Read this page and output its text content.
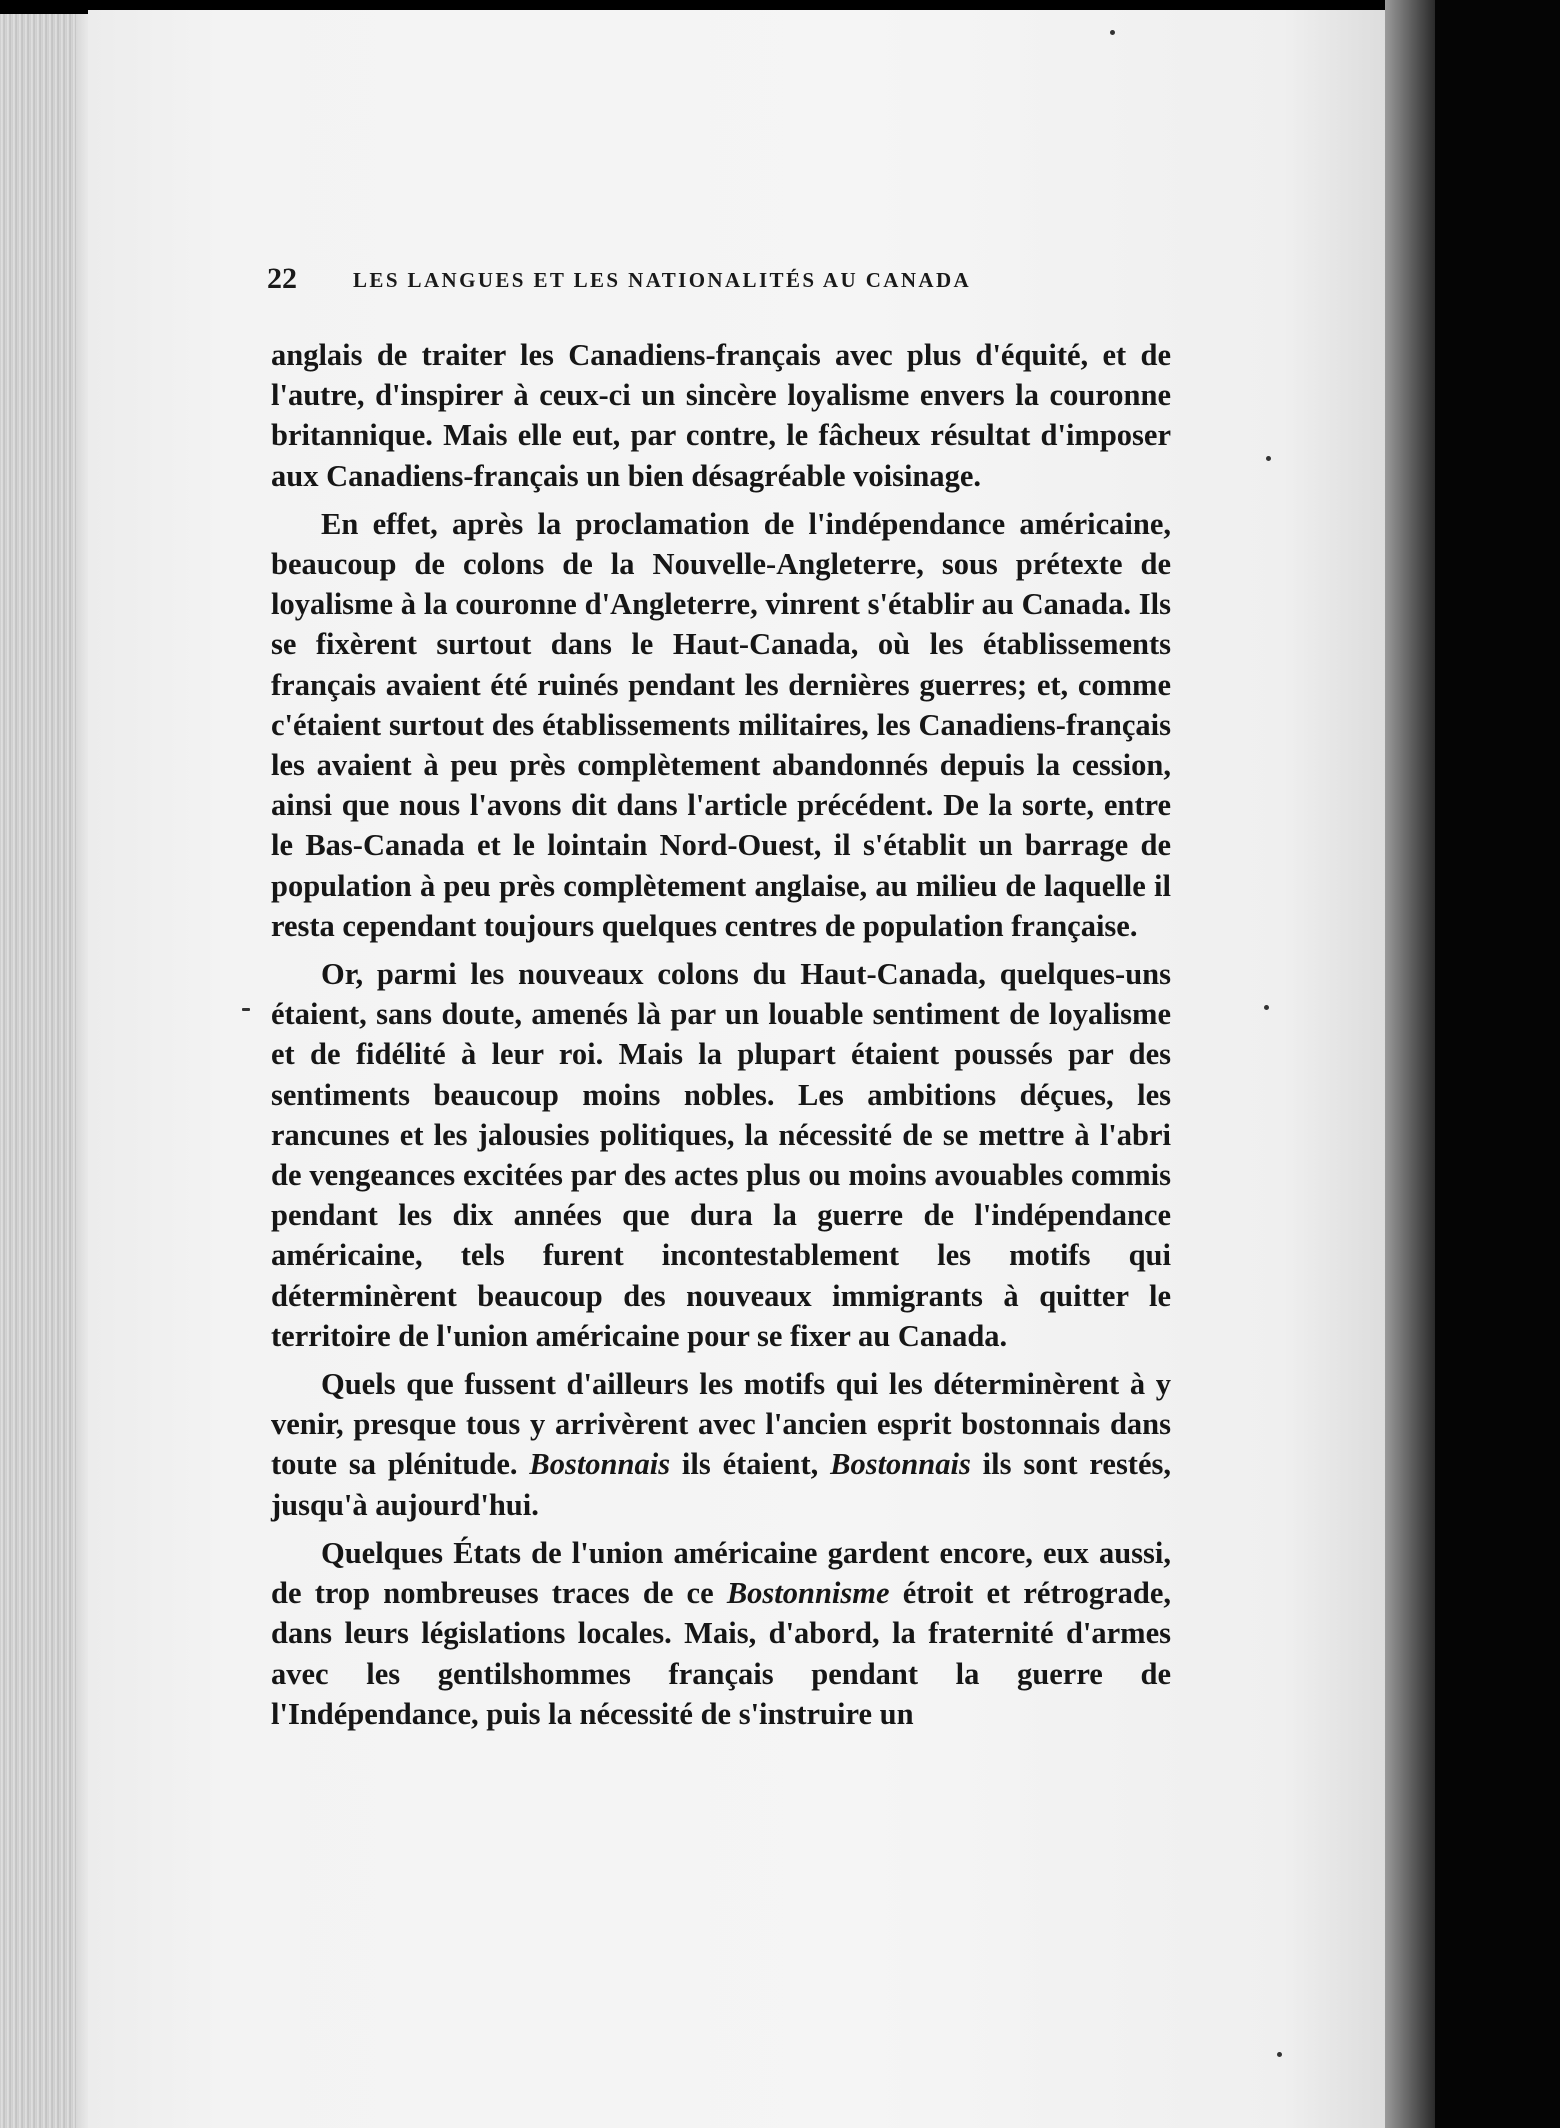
22	LES LANGUES ET LES NATIONALITÉS AU CANADA

anglais de traiter les Canadiens-français avec plus d'équité, et de l'autre, d'inspirer à ceux-ci un sincère loyalisme envers la couronne britannique. Mais elle eut, par contre, le fâcheux résultat d'imposer aux Canadiens-français un bien désagréable voisinage.

En effet, après la proclamation de l'indépendance américaine, beaucoup de colons de la Nouvelle-Angleterre, sous prétexte de loyalisme à la couronne d'Angleterre, vinrent s'établir au Canada. Ils se fixèrent surtout dans le Haut-Canada, où les établissements français avaient été ruinés pendant les dernières guerres; et, comme c'étaient surtout des établissements militaires, les Canadiens-français les avaient à peu près complètement abandonnés depuis la cession, ainsi que nous l'avons dit dans l'article précédent. De la sorte, entre le Bas-Canada et le lointain Nord-Ouest, il s'établit un barrage de population à peu près complètement anglaise, au milieu de laquelle il resta cependant toujours quelques centres de population française.

Or, parmi les nouveaux colons du Haut-Canada, quelques-uns étaient, sans doute, amenés là par un louable sentiment de loyalisme et de fidélité à leur roi. Mais la plupart étaient poussés par des sentiments beaucoup moins nobles. Les ambitions déçues, les rancunes et les jalousies politiques, la nécessité de se mettre à l'abri de vengeances excitées par des actes plus ou moins avouables commis pendant les dix années que dura la guerre de l'indépendance américaine, tels furent incontestablement les motifs qui déterminèrent beaucoup des nouveaux immigrants à quitter le territoire de l'union américaine pour se fixer au Canada.

Quels que fussent d'ailleurs les motifs qui les déterminèrent à y venir, presque tous y arrivèrent avec l'ancien esprit bostonnais dans toute sa plénitude. Bostonnais ils étaient, Bostonnais ils sont restés, jusqu'à aujourd'hui.

Quelques États de l'union américaine gardent encore, eux aussi, de trop nombreuses traces de ce Bostonnisme étroit et rétrograde, dans leurs législations locales. Mais, d'abord, la fraternité d'armes avec les gentilshommes français pendant la guerre de l'Indépendance, puis la nécessité de s'instruire un
